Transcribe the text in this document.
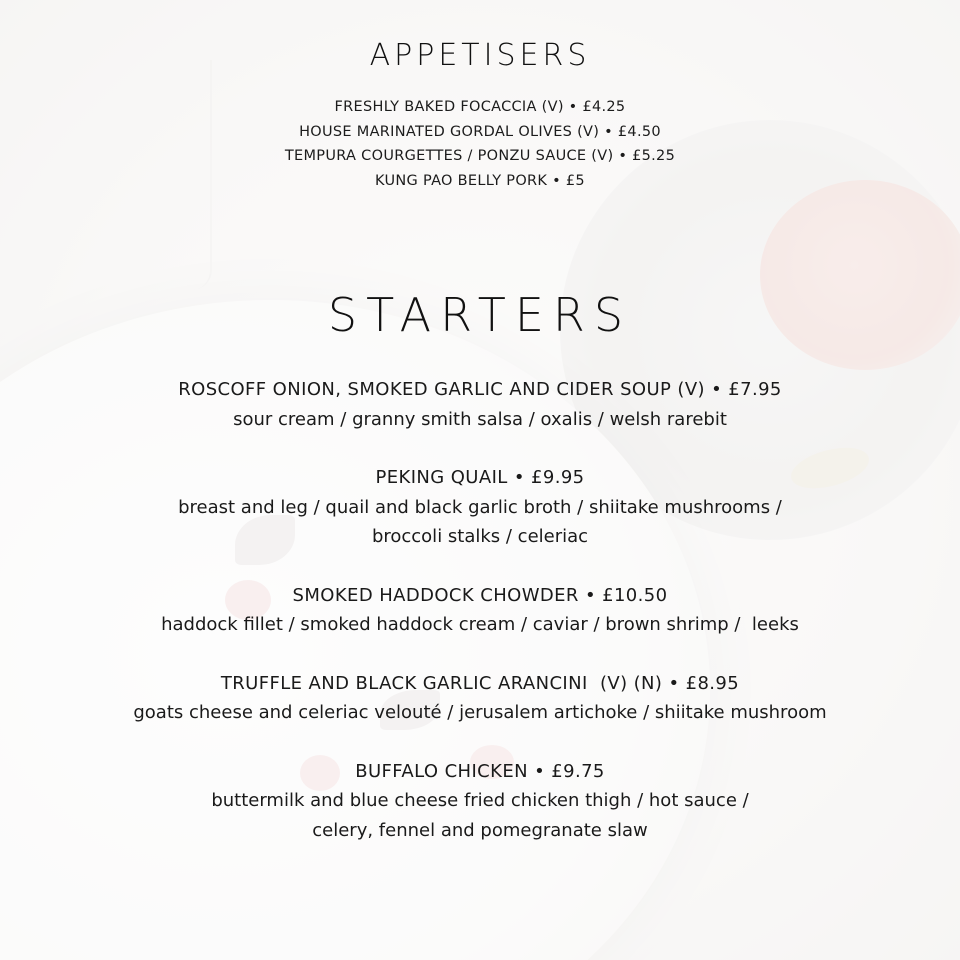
APPETISERS
FRESHLY BAKED FOCACCIA (V) • £4.25
HOUSE MARINATED GORDAL OLIVES (V) • £4.50
TEMPURA COURGETTES / PONZU SAUCE (V) • £5.25
KUNG PAO BELLY PORK • £5
STARTERS
ROSCOFF ONION, SMOKED GARLIC AND CIDER SOUP (V) • £7.95
sour cream / granny smith salsa / oxalis / welsh rarebit
PEKING QUAIL • £9.95
breast and leg / quail and black garlic broth / shiitake mushrooms /
broccoli stalks / celeriac
SMOKED HADDOCK CHOWDER • £10.50
haddock fillet / smoked haddock cream / caviar / brown shrimp /  leeks
TRUFFLE AND BLACK GARLIC ARANCINI  (V) (N) • £8.95
goats cheese and celeriac velouté / jerusalem artichoke / shiitake mushroom
BUFFALO CHICKEN • £9.75
buttermilk and blue cheese fried chicken thigh / hot sauce /
celery, fennel and pomegranate slaw
